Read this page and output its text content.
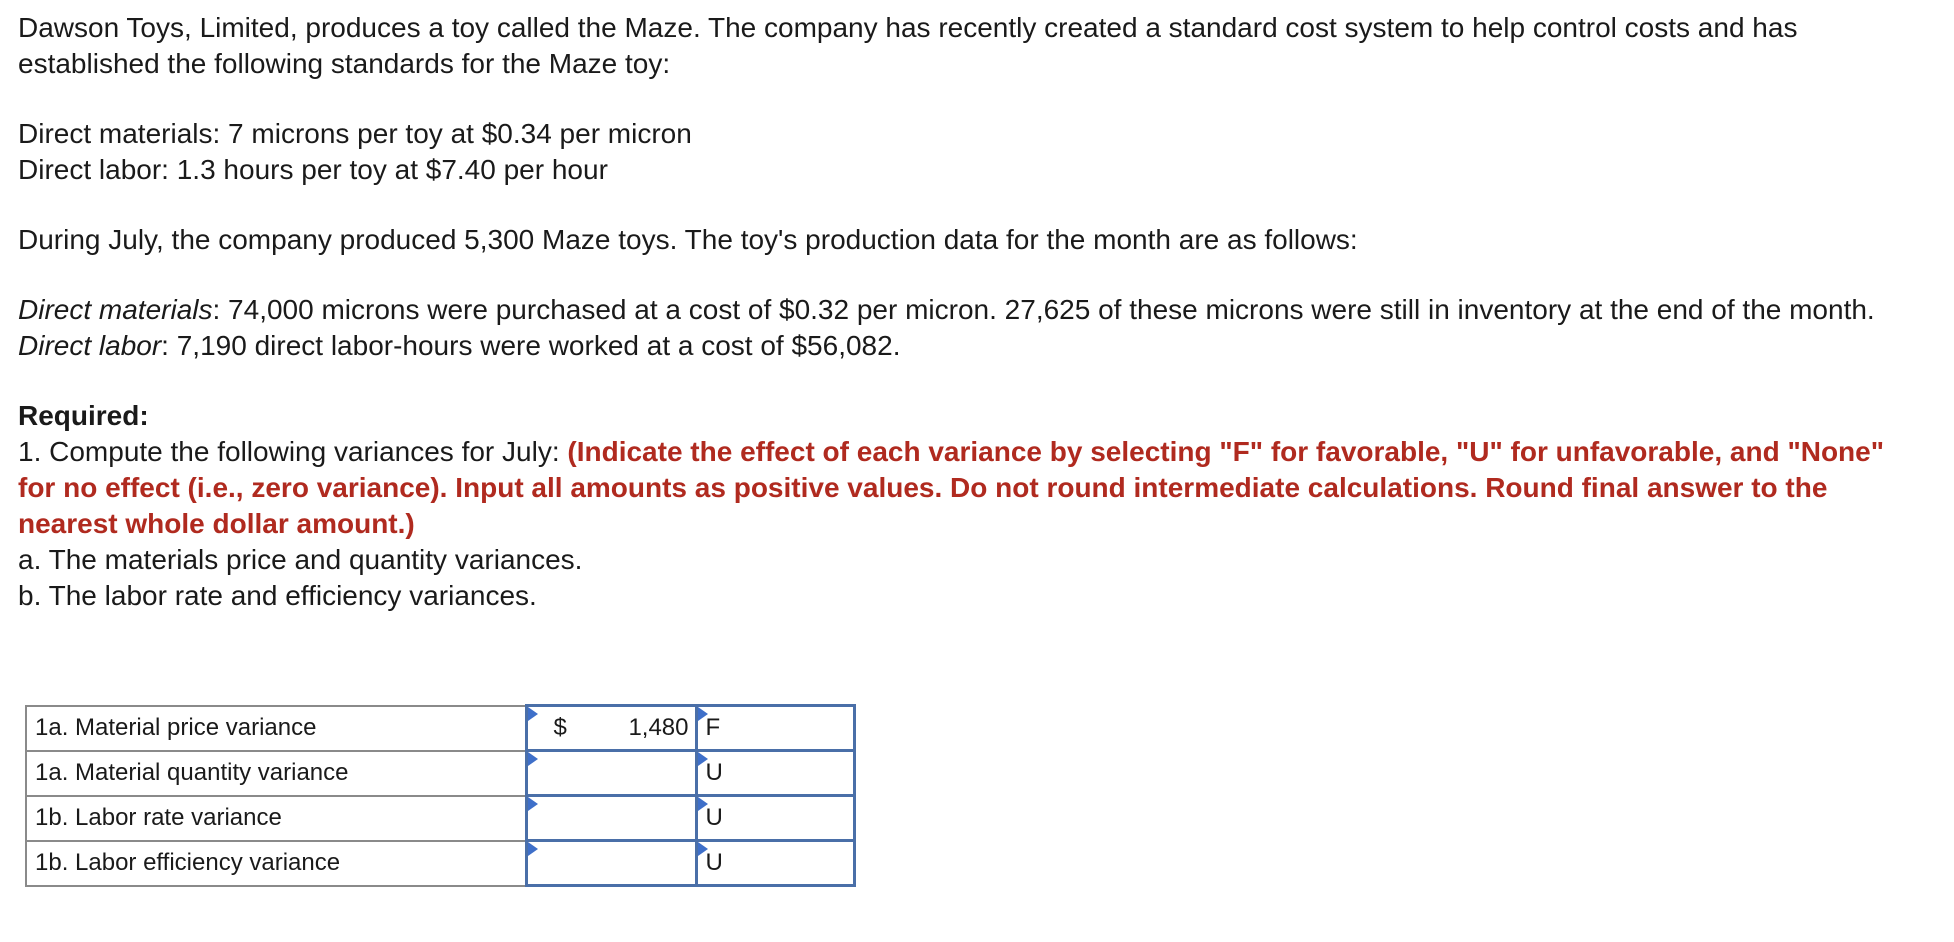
Dawson Toys, Limited, produces a toy called the Maze. The company has recently created a standard cost system to help control costs and has established the following standards for the Maze toy:

Direct materials: 7 microns per toy at $0.34 per micron

Direct labor: 1.3 hours per toy at $7.40 per hour

During July, the company produced 5,300 Maze toys. The toy's production data for the month are as follows:

Direct materials: 74,000 microns were purchased at a cost of $0.32 per micron. 27,625 of these microns were still in inventory at the end of the month.

Direct labor: 7,190 direct labor-hours were worked at a cost of $56,082.

Required:

1. Compute the following variances for July: (Indicate the effect of each variance by selecting "F" for favorable, "U" for unfavorable, and "None" for no effect (i.e., zero variance). Input all amounts as positive values. Do not round intermediate calculations. Round final answer to the nearest whole dollar amount.)

a. The materials price and quantity variances.

b. The labor rate and efficiency variances.

1a. Material price variance	$ 1,480	F

1a. Material quantity variance		U

1b. Labor rate variance		U

1b. Labor efficiency variance		U
